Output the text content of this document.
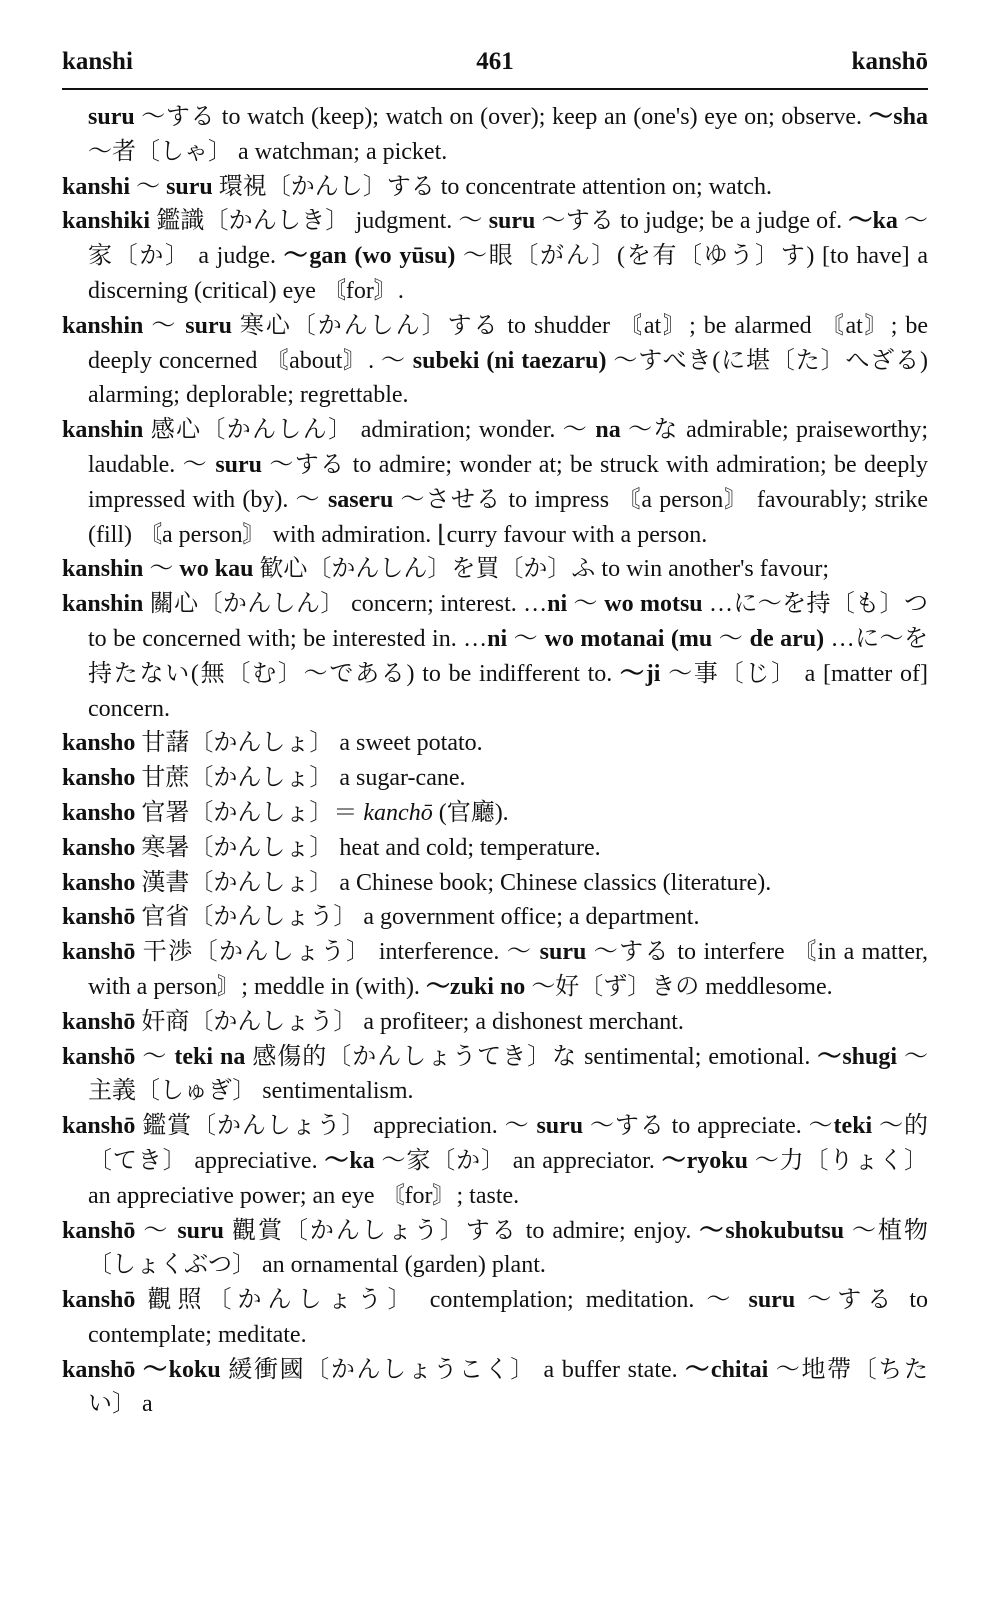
kanshi	461	kanshō
suru ～する to watch (keep); watch on (over); keep an (one's) eye on; observe. ～sha ～者〔しゃ〕 a watchman; a picket.
kanshi ～ suru 環視〔かんし〕する to concentrate attention on; watch.
kanshiki 鑑識〔かんしき〕 judgment. ～ suru ～する to judge; be a judge of. ～ka ～家〔か〕 a judge. ～gan (wo yūsu) ～眼〔がん〕(を有〔ゆう〕す) [to have] a discerning (critical) eye 〘for〙.
kanshin ～ suru 寒心〔かんしん〕する to shudder 〘at〙; be alarmed 〘at〙; be deeply concerned 〘about〙. ～ subeki (ni taezaru) ～すべき(に堪〔た〕へざる) alarming; deplorable; regrettable.
kanshin 感心〔かんしん〕 admiration; wonder. ～ na ～な admirable; praiseworthy; laudable. ～ suru ～する to admire; wonder at; be struck with admiration; be deeply impressed with (by). ～ saseru ～させる to impress 〘a person〙 favourably; strike (fill) 〘a person〙 with admiration. ⌊curry favour with a person.
kanshin ～ wo kau 歓心〔かんしん〕を買〔か〕ふ to win another's favour;
kanshin 關心〔かんしん〕 concern; interest. …ni ～ wo motsu …に～を持〔も〕つ to be concerned with; be interested in. …ni ～ wo motanai (mu ～ de aru) …に～を持たない(無〔む〕～である) to be indifferent to. ～ji ～事〔じ〕 a [matter of] concern.
kansho 甘藷〔かんしょ〕 a sweet potato.
kansho 甘蔗〔かんしょ〕 a sugar-cane.
kansho 官署〔かんしょ〕＝ kanchō (官廳).
kansho 寒暑〔かんしょ〕 heat and cold; temperature.
kansho 漢書〔かんしょ〕 a Chinese book; Chinese classics (literature).
kanshō 官省〔かんしょう〕 a government office; a department.
kanshō 干渉〔かんしょう〕 interference. ～ suru ～する to interfere 〘in a matter, with a person〙; meddle in (with). ～zuki no ～好〔ず〕きの meddlesome.
kanshō 奸商〔かんしょう〕 a profiteer; a dishonest merchant.
kanshō ～ teki na 感傷的〔かんしょうてき〕な sentimental; emotional. ～shugi ～主義〔しゅぎ〕 sentimentalism.
kanshō 鑑賞〔かんしょう〕 appreciation. ～ suru ～する to appreciate. ～teki ～的〔てき〕 appreciative. ～ka ～家〔か〕 an appreciator. ～ryoku ～力〔りょく〕 an appreciative power; an eye 〘for〙; taste.
kanshō ～ suru 觀賞〔かんしょう〕する to admire; enjoy. ～shokubutsu ～植物〔しょくぶつ〕 an ornamental (garden) plant.
kanshō 觀照〔かんしょう〕 contemplation; meditation. ～ suru ～する to contemplate; meditate.
kanshō ～koku 緩衝國〔かんしょうこく〕 a buffer state. ～chitai ～地帶〔ちたい〕 a
